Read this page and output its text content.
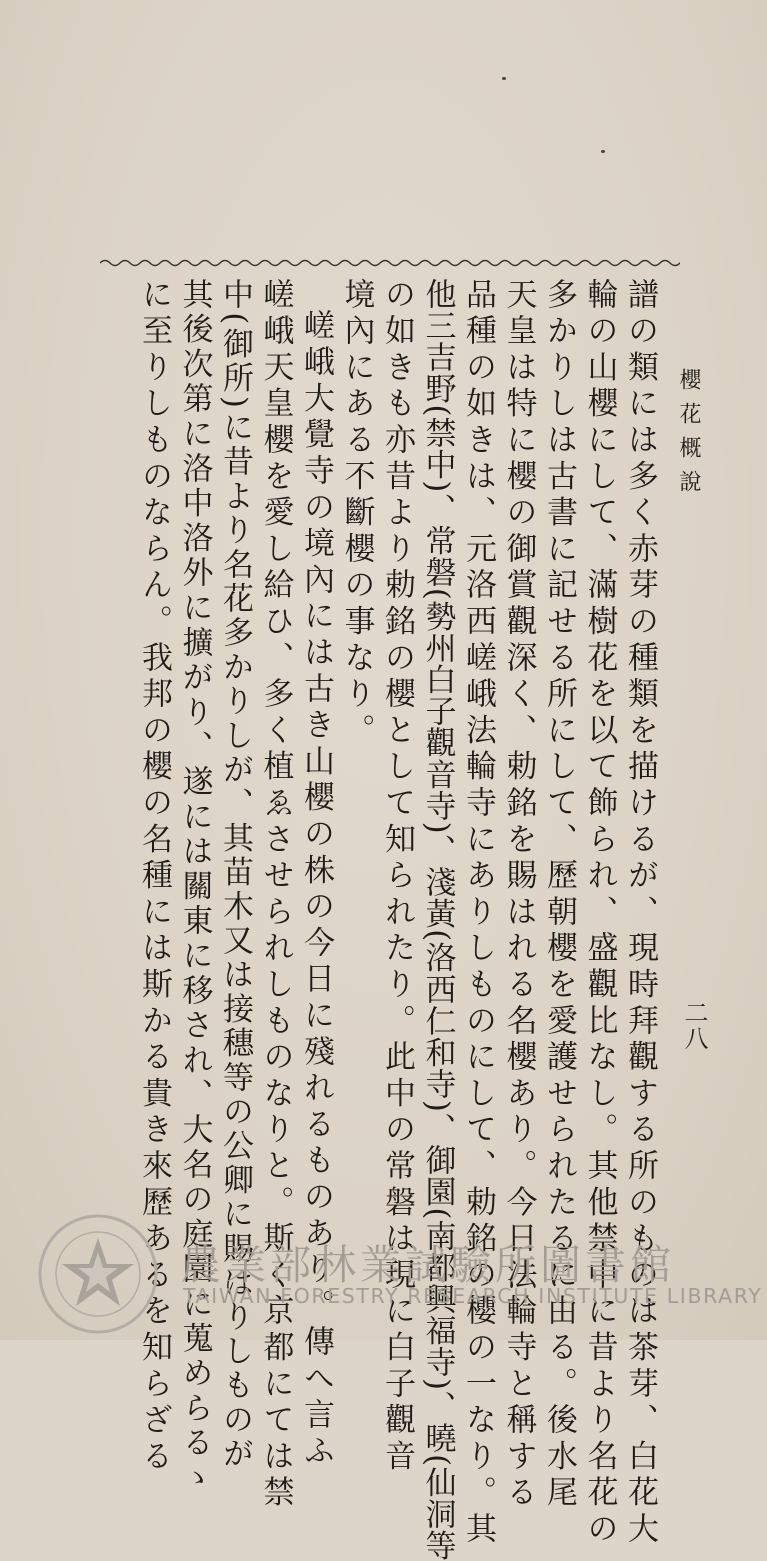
櫻花概說
譜の類には多く赤芽の種類を描けるが、現時拜觀する所のものは茶芽、白花大
輪の山櫻にして、滿樹花を以て飾られ、盛觀比なし。其他禁中に昔より名花の
多かりしは古書に記せる所にして、歷朝櫻を愛護せられたるに由る。後水尾
天皇は特に櫻の御賞觀深く、勅銘を賜はれる名櫻あり。今日法輪寺と稱する
品種の如きは、元洛西嵯峨法輪寺にありしものにして、勅銘の櫻の一なり。其
他三吉野(禁中)、常磐(勢州白子觀音寺)、淺黃(洛西仁和寺)、御園(南都興福寺)、曉(仙洞等
の如きも亦昔より勅銘の櫻として知られたり。此中の常磐は現に白子觀音
境內にある不斷櫻の事なり。
嵯峨大覺寺の境內には古き山櫻の株の今日に殘れるものあり。傳へ言ふ
嵯峨天皇櫻を愛し給ひ、多く植ゑさせられしものなりと。斯く京都にては禁
中(御所)に昔より名花多かりしが、其苗木又は接穗等の公卿に賜はりしものが
其後次第に洛中洛外に擴がり、遂には關東に移され、大名の庭園に蒐めらるゝ
に至りしものならん。我邦の櫻の名種には斯かる貴き來歷あるを知らざる	二八
農業部林業試驗所圖書館
TAIWAN FORESTRY RESEARCH INSTITUTE LIBRARY
